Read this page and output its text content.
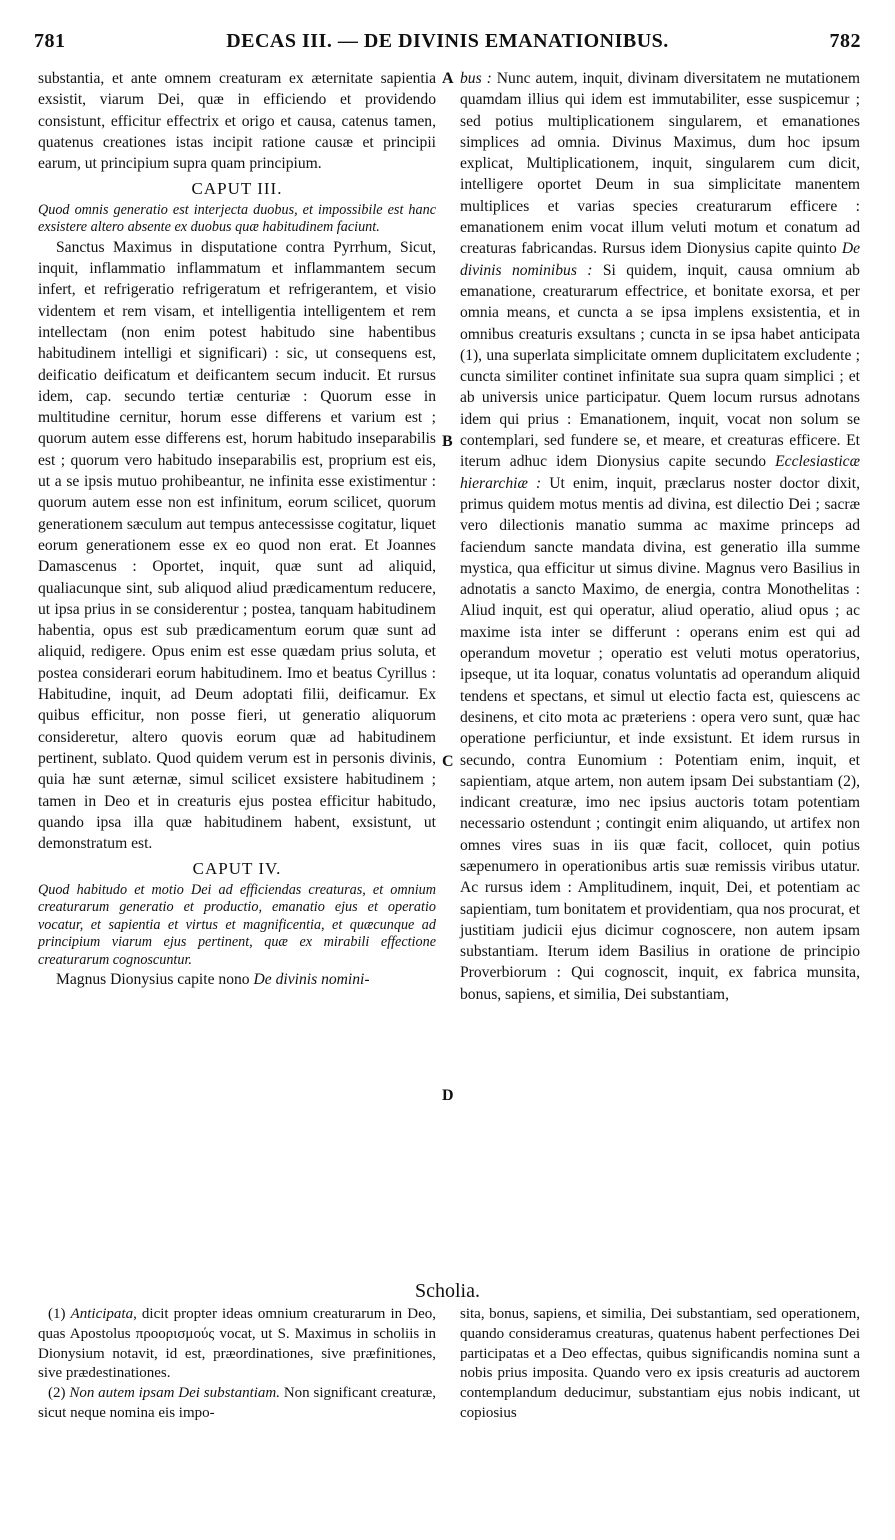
781	DECAS III. — DE DIVINIS EMANATIONIBUS.	782
A
B
C
D

substantia, et ante omnem creaturam ex æternitate sapientia exsistit, viarum Dei, quæ in efficiendo et providendo consistunt, efficitur effectrix et origo et causa, catenus tamen, quatenus creationes istas incipit ratione causæ et principii earum, ut principium supra quam principium.

CAPUT III.

Quod omnis generatio est interjecta duobus, et impossibile est hanc exsistere altero absente ex duobus quæ habitudinem faciunt.

Sanctus Maximus in disputatione contra Pyrrhum, Sicut, inquit, inflammatio inflammatum et inflammantem secum infert, et refrigeratio refrigeratum et refrigerantem, et visio videntem et rem visam, et intelligentia intelligentem et rem intellectam (non enim potest habitudo sine habentibus habitudinem intelligi et significari) : sic, ut consequens est, deificatio deificatum et deificantem secum inducit. Et rursus idem, cap. secundo tertiæ centuriæ : Quorum esse in multitudine cernitur, horum esse differens et varium est ; quorum autem esse differens est, horum habitudo inseparabilis est ; quorum vero habitudo inseparabilis est, proprium est eis, ut a se ipsis mutuo prohibeantur, ne infinita esse existimentur : quorum autem esse non est infinitum, eorum scilicet, quorum generationem sæculum aut tempus antecessisse cogitatur, liquet eorum generationem esse ex eo quod non erat. Et Joannes Damascenus : Oportet, inquit, quæ sunt ad aliquid, qualiacunque sint, sub aliquod aliud prædicamentum reducere, ut ipsa prius in se considerentur ; postea, tanquam habitudinem habentia, opus est sub prædicamentum eorum quæ sunt ad aliquid, redigere. Opus enim est esse quædam prius soluta, et postea considerari eorum habitudinem. Imo et beatus Cyrillus : Habitudine, inquit, ad Deum adoptati filii, deificamur. Ex quibus efficitur, non posse fieri, ut generatio aliquorum consideretur, altero quovis eorum quæ ad habitudinem pertinent, sublato. Quod quidem verum est in personis divinis, quia hæ sunt æternæ, simul scilicet exsistere habitudinem ; tamen in Deo et in creaturis ejus postea efficitur habitudo, quando ipsa illa quæ habitudinem habent, exsistunt, ut demonstratum est.

CAPUT IV.

Quod habitudo et motio Dei ad efficiendas creaturas, et omnium creaturarum generatio et productio, emanatio ejus et operatio vocatur, et sapientia et virtus et magnificentia, et quæcunque ad principium viarum ejus pertinent, quæ ex mirabili effectione creaturarum cognoscuntur.

Magnus Dionysius capite nono De divinis nomini-

bus : Nunc autem, inquit, divinam diversitatem ne mutationem quamdam illius qui idem est immutabiliter, esse suspicemur ; sed potius multiplicationem singularem, et emanationes simplices ad omnia. Divinus Maximus, dum hoc ipsum explicat, Multiplicationem, inquit, singularem cum dicit, intelligere oportet Deum in sua simplicitate manentem multiplices et varias species creaturarum efficere : emanationem enim vocat illum veluti motum et conatum ad creaturas fabricandas. Rursus idem Dionysius capite quinto De divinis nominibus : Si quidem, inquit, causa omnium ab emanatione, creaturarum effectrice, et bonitate exorsa, et per omnia means, et cuncta a se ipsa implens exsistentia, et in omnibus creaturis exsultans ; cuncta in se ipsa habet anticipata (1), una superlata simplicitate omnem duplicitatem excludente ; cuncta similiter continet infinitate sua supra quam simplici ; et ab universis unice participatur. Quem locum rursus adnotans idem qui prius : Emanationem, inquit, vocat non solum se contemplari, sed fundere se, et meare, et creaturas efficere. Et iterum adhuc idem Dionysius capite secundo Ecclesiasticæ hierarchiæ : Ut enim, inquit, præclarus noster doctor dixit, primus quidem motus mentis ad divina, est dilectio Dei ; sacræ vero dilectionis manatio summa ac maxime princeps ad faciendum sancte mandata divina, est generatio illa summe mystica, qua efficitur ut simus divine. Magnus vero Basilius in adnotatis a sancto Maximo, de energia, contra Monothelitas : Aliud inquit, est qui operatur, aliud operatio, aliud opus ; ac maxime ista inter se differunt : operans enim est qui ad operandum movetur ; operatio est veluti motus operatorius, ipseque, ut ita loquar, conatus voluntatis ad operandum aliquid tendens et spectans, et simul ut electio facta est, quiescens ac desinens, et cito mota ac præteriens : opera vero sunt, quæ hac operatione perficiuntur, et inde exsistunt. Et idem rursus in secundo, contra Eunomium : Potentiam enim, inquit, et sapientiam, atque artem, non autem ipsam Dei substantiam (2), indicant creaturæ, imo nec ipsius auctoris totam potentiam necessario ostendunt ; contingit enim aliquando, ut artifex non omnes vires suas in iis quæ facit, collocet, quin potius sæpenumero in operationibus artis suæ remissis viribus utatur. Ac rursus idem : Amplitudinem, inquit, Dei, et potentiam ac sapientiam, tum bonitatem et providentiam, qua nos procurat, et justitiam judicii ejus dicimur cognoscere, non autem ipsam substantiam. Iterum idem Basilius in oratione de principio Proverbiorum : Qui cognoscit, inquit, ex fabrica munsita, bonus, sapiens, et similia, Dei substantiam,

Scholia.

(1) Anticipata, dicit propter ideas omnium creaturarum in Deo, quas Apostolus προορισμούς vocat, ut S. Maximus in scholiis in Dionysium notavit, id est, præordinationes, sive præfinitiones, sive prædestinationes.

(2) Non autem ipsam Dei substantiam. Non significant creaturæ, sicut neque nomina eis impo-

sita, bonus, sapiens, et similia, Dei substantiam, sed operationem, quando consideramus creaturas, quatenus habent perfectiones Dei participatas et a Deo effectas, quibus significandis nomina sunt a nobis prius imposita. Quando vero ex ipsis creaturis ad auctorem contemplandum deducimur, substantiam ejus nobis indicant, ut copiosius
